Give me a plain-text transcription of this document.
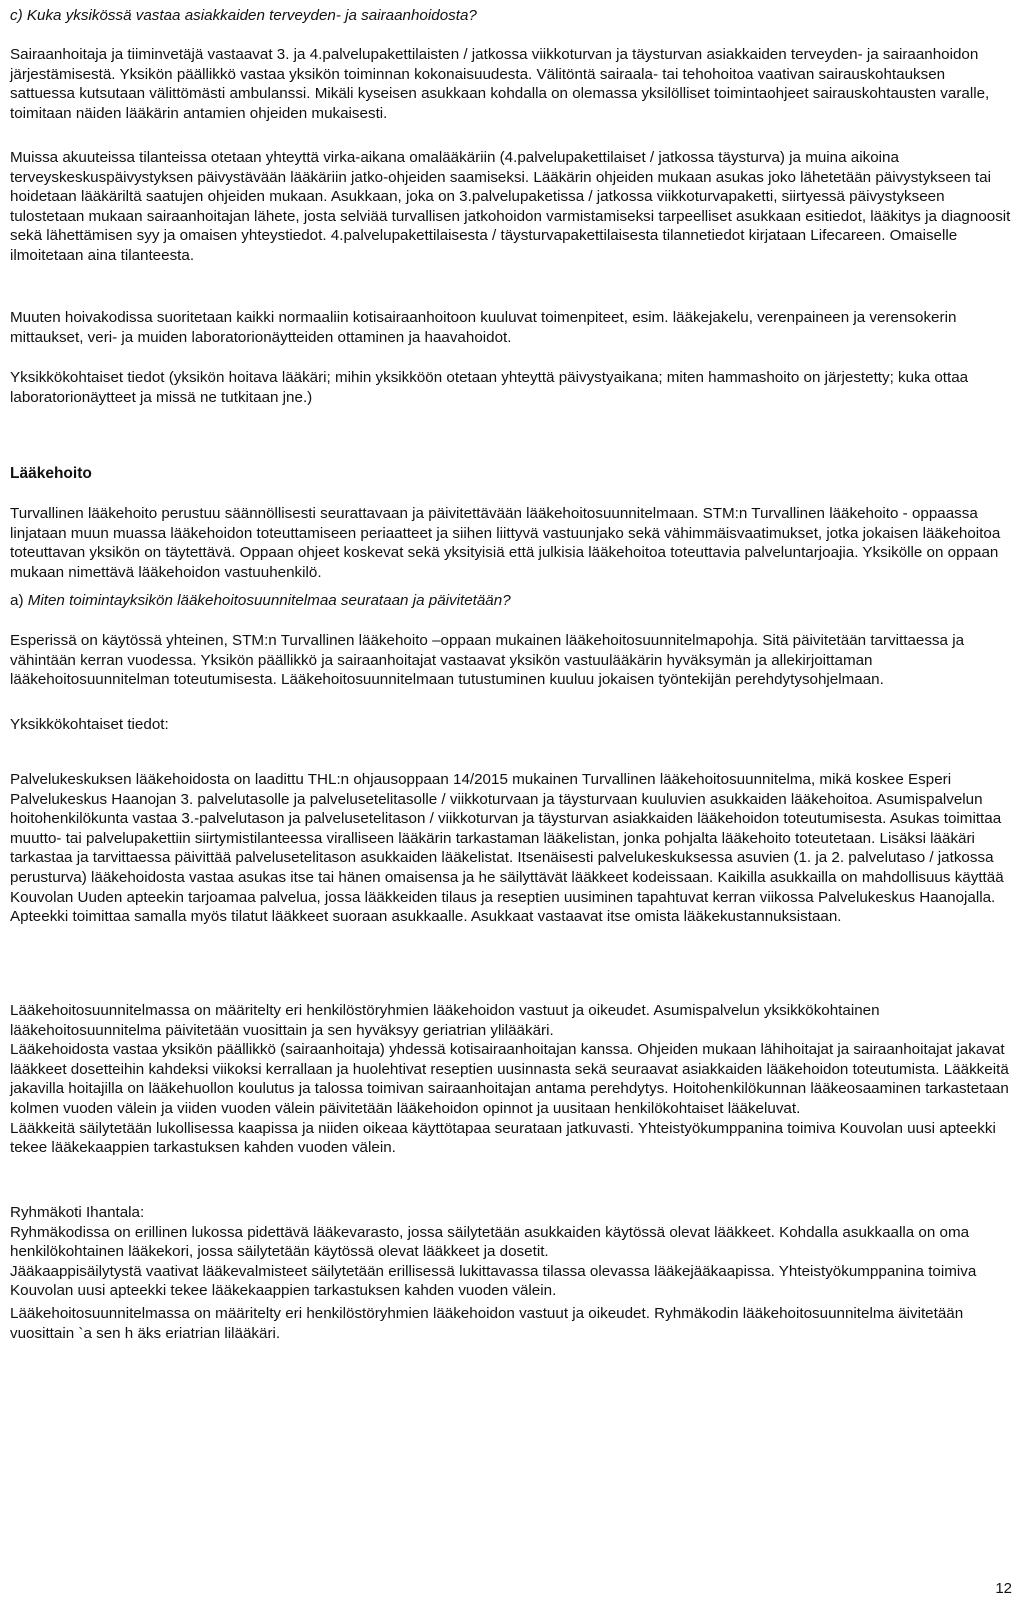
c) Kuka yksikössä vastaa asiakkaiden terveyden- ja sairaanhoidosta?

Sairaanhoitaja ja tiiminvetäjä vastaavat 3. ja 4.palvelupakettilaisten / jatkossa viikkoturvan ja täysturvan asiakkaiden terveyden- ja sairaanhoidon järjestämisestä. Yksikön päällikkö vastaa yksikön toiminnan kokonaisuudesta. Välitöntä sairaala- tai tehohoitoa vaativan sairauskohtauksen sattuessa kutsutaan välittömästi ambulanssi. Mikäli kyseisen asukkaan kohdalla on olemassa yksilölliset toimintaohjeet sairauskohtausten varalle, toimitaan näiden lääkärin antamien ohjeiden mukaisesti.

Muissa akuuteissa tilanteissa otetaan yhteyttä virka-aikana omalääkäriin (4.palvelupakettilaiset / jatkossa täysturva) ja muina aikoina terveyskeskuspäivystyksen päivystävään lääkäriin jatko-ohjeiden saamiseksi. Lääkärin ohjeiden mukaan asukas joko lähetetään päivystykseen tai hoidetaan lääkäriltä saatujen ohjeiden mukaan. Asukkaan, joka on 3.palvelupaketissa / jatkossa viikkoturvapaketti, siirtyessä päivystykseen tulostetaan mukaan sairaanhoitajan lähete, josta selviää turvallisen jatkohoidon varmistamiseksi tarpeelliset asukkaan esitiedot, lääkitys ja diagnoosit sekä lähettämisen syy ja omaisen yhteystiedot. 4.palvelupakettilaisesta / täysturvapakettilaisesta tilannetiedot kirjataan Lifecareen. Omaiselle ilmoitetaan aina tilanteesta.

Muuten hoivakodissa suoritetaan kaikki normaaliin kotisairaanhoitoon kuuluvat toimenpiteet, esim. lääkejakelu, verenpaineen ja verensokerin mittaukset, veri- ja muiden laboratorionäytteiden ottaminen ja haavahoidot.

Yksikkökohtaiset tiedot (yksikön hoitava lääkäri; mihin yksikköön otetaan yhteyttä päivystyaikana; miten hammashoito on järjestetty; kuka ottaa laboratorionäytteet ja missä ne tutkitaan jne.)

Lääkehoito

Turvallinen lääkehoito perustuu säännöllisesti seurattavaan ja päivitettävään lääkehoitosuunnitelmaan. STM:n Turvallinen lääkehoito - oppaassa linjataan muun muassa lääkehoidon toteuttamiseen periaatteet ja siihen liittyvä vastuunjako sekä vähimmäisvaatimukset, jotka jokaisen lääkehoitoa toteuttavan yksikön on täytettävä. Oppaan ohjeet koskevat sekä yksityisiä että julkisia lääkehoitoa toteuttavia palveluntarjoajia. Yksikölle on oppaan mukaan nimettävä lääkehoidon vastuuhenkilö.

a) Miten toimintayksikön lääkehoitosuunnitelmaa seurataan ja päivitetään?

Esperissä on käytössä yhteinen, STM:n Turvallinen lääkehoito –oppaan mukainen lääkehoitosuunnitelmapohja. Sitä päivitetään tarvittaessa ja vähintään kerran vuodessa. Yksikön päällikkö ja sairaanhoitajat vastaavat yksikön vastuulääkärin hyväksymän ja allekirjoittaman lääkehoitosuunnitelman toteutumisesta. Lääkehoitosuunnitelmaan tutustuminen kuuluu jokaisen työntekijän perehdytysohjelmaan.

Yksikkökohtaiset tiedot:

Palvelukeskuksen lääkehoidosta on laadittu THL:n ohjausoppaan 14/2015 mukainen Turvallinen lääkehoitosuunnitelma, mikä koskee Esperi Palvelukeskus Haanojan 3. palvelutasolle ja palvelusetelitasolle / viikkoturvaan ja täysturvaan kuuluvien asukkaiden lääkehoitoa. Asumispalvelun hoitohenkilökunta vastaa 3.-palvelutason ja palvelusetelitason / viikkoturvan ja täysturvan asiakkaiden lääkehoidon toteutumisesta. Asukas toimittaa muutto- tai palvelupakettiin siirtymistilanteessa viralliseen lääkärin tarkastaman lääkelistan, jonka pohjalta lääkehoito toteutetaan. Lisäksi lääkäri tarkastaa ja tarvittaessa päivittää palvelusetelitason asukkaiden lääkelistat. Itsenäisesti palvelukeskuksessa asuvien (1. ja 2. palvelutaso / jatkossa perusturva) lääkehoidosta vastaa asukas itse tai hänen omaisensa ja he säilyttävät lääkkeet kodeissaan. Kaikilla asukkailla on mahdollisuus käyttää Kouvolan Uuden apteekin tarjoamaa palvelua, jossa lääkkeiden tilaus ja reseptien uusiminen tapahtuvat kerran viikossa Palvelukeskus Haanojalla. Apteekki toimittaa samalla myös tilatut lääkkeet suoraan asukkaalle. Asukkaat vastaavat itse omista lääkekustannuksistaan.

Lääkehoitosuunnitelmassa on määritelty eri henkilöstöryhmien lääkehoidon vastuut ja oikeudet. Asumispalvelun yksikkökohtainen lääkehoitosuunnitelma päivitetään vuosittain ja sen hyväksyy geriatrian ylilääkäri.

Lääkehoidosta vastaa yksikön päällikkö (sairaanhoitaja) yhdessä kotisairaanhoitajan kanssa. Ohjeiden mukaan lähihoitajat ja sairaanhoitajat jakavat lääkkeet dosetteihin kahdeksi viikoksi kerrallaan ja huolehtivat reseptien uusinnasta sekä seuraavat asiakkaiden lääkehoidon toteutumista. Lääkkeitä jakavilla hoitajilla on lääkehuollon koulutus ja talossa toimivan sairaanhoitajan antama perehdytys. Hoitohenkilökunnan lääkeosaaminen tarkastetaan kolmen vuoden välein ja viiden vuoden välein päivitetään lääkehoidon opinnot ja uusitaan henkilökohtaiset lääkeluvat.

Lääkkeitä säilytetään lukollisessa kaapissa ja niiden oikeaa käyttötapaa seurataan jatkuvasti. Yhteistyökumppanina toimiva Kouvolan uusi apteekki tekee lääkekaappien tarkastuksen kahden vuoden välein.

Ryhmäkoti Ihantala:

Ryhmäkodissa on erillinen lukossa pidettävä lääkevarasto, jossa säilytetään asukkaiden käytössä olevat lääkkeet. Kohdalla asukkaalla on oma henkilökohtainen lääkekori, jossa säilytetään käytössä olevat lääkkeet ja dosetit.

Jääkaappisäilytystä vaativat lääkevalmisteet säilytetään erillisessä lukittavassa tilassa olevassa lääkejääkaapissa. Yhteistyökumppanina toimiva Kouvolan uusi apteekki tekee lääkekaappien tarkastuksen kahden vuoden välein.

Lääkehoitosuunnitelmassa on määritelty eri henkilöstöryhmien lääkehoidon vastuut ja oikeudet. Ryhmäkodin lääkehoitosuunnitelma äivitetään vuosittain `a sen h äks eriatrian lilääkäri.

12
